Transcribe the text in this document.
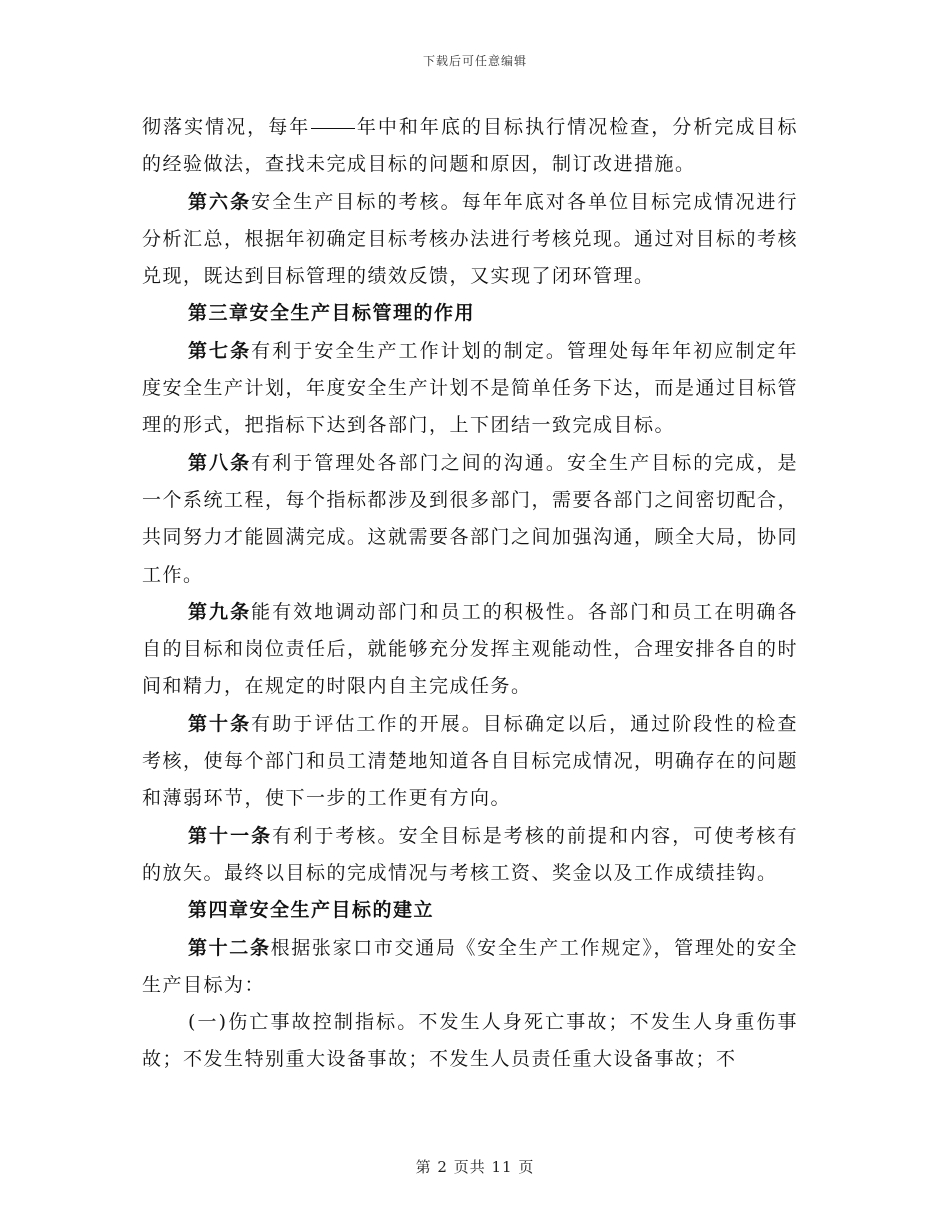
下载后可任意编辑

彻落实情况，每年 年中和年底的目标执行情况检查，分析完成目标的经验做法，查找未完成目标的问题和原因，制订改进措施。

第六条安全生产目标的考核。每年年底对各单位目标完成情况进行分析汇总，根据年初确定目标考核办法进行考核兑现。通过对目标的考核兑现，既达到目标管理的绩效反馈，又实现了闭环管理。

第三章安全生产目标管理的作用

第七条有利于安全生产工作计划的制定。管理处每年年初应制定年度安全生产计划，年度安全生产计划不是简单任务下达，而是通过目标管理的形式，把指标下达到各部门，上下团结一致完成目标。

第八条有利于管理处各部门之间的沟通。安全生产目标的完成，是一个系统工程，每个指标都涉及到很多部门，需要各部门之间密切配合，共同努力才能圆满完成。这就需要各部门之间加强沟通，顾全大局，协同工作。

第九条能有效地调动部门和员工的积极性。各部门和员工在明确各自的目标和岗位责任后，就能够充分发挥主观能动性，合理安排各自的时间和精力，在规定的时限内自主完成任务。

第十条有助于评估工作的开展。目标确定以后，通过阶段性的检查考核，使每个部门和员工清楚地知道各自目标完成情况，明确存在的问题和薄弱环节，使下一步的工作更有方向。

第十一条有利于考核。安全目标是考核的前提和内容，可使考核有的放矢。最终以目标的完成情况与考核工资、奖金以及工作成绩挂钩。

第四章安全生产目标的建立

第十二条根据张家口市交通局《安全生产工作规定》，管理处的安全生产目标为：

(一)伤亡事故控制指标。不发生人身死亡事故；不发生人身重伤事故；不发生特别重大设备事故；不发生人员责任重大设备事故；不

第 2 页共 11 页
